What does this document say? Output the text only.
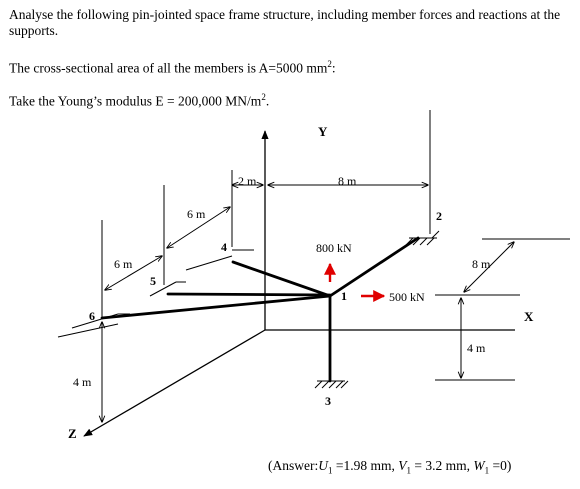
Analyse the following pin-jointed space frame structure, including member forces and reactions at the supports.

The cross-sectional area of all the members is A=5000 $mm^2$:

Take the Young’s modulus E = 200,000 $MN/m^2$.

Y
X
Z
2 m	8 m
6 m
6 m	8 m
4 m
4 m
800 kN
500 kN
1
2
3
4
5
6
($Answer:U_1 =1.98$ mm, $V_1 = 3.2$ mm, $W_1 =0$)
